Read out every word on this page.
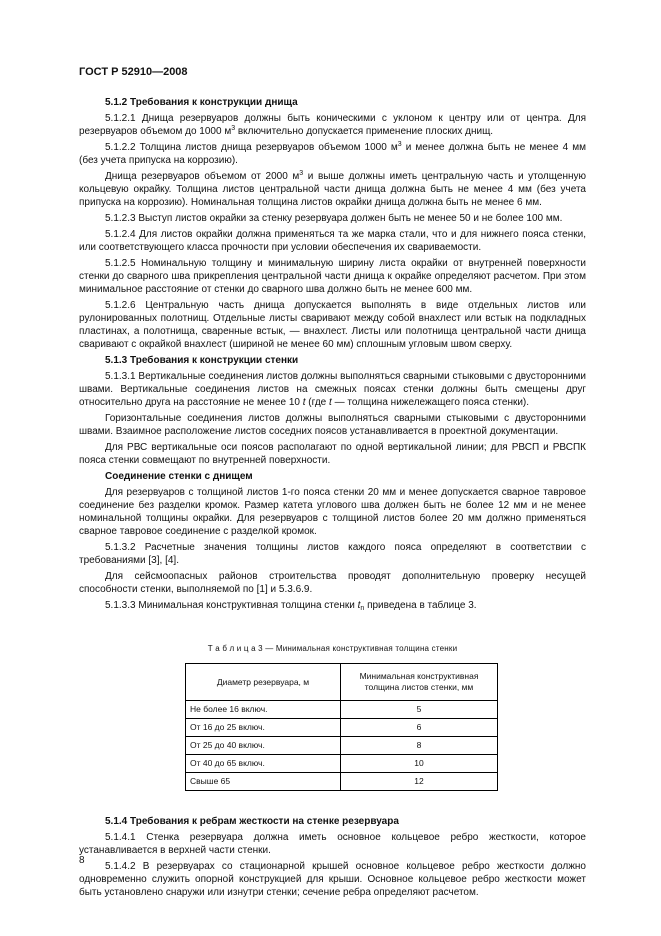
ГОСТ Р 52910—2008

5.1.2 Требования к конструкции днища

5.1.2.1 Днища резервуаров должны быть коническими с уклоном к центру или от центра. Для резервуаров объемом до 1000 $м^3$ включительно допускается применение плоских днищ.

5.1.2.2 Толщина листов днища резервуаров объемом 1000 $м^3$ и менее должна быть не менее 4 мм (без учета припуска на коррозию).

Днища резервуаров объемом от 2000 $м^3$ и выше должны иметь центральную часть и утолщенную кольцевую окрайку. Толщина листов центральной части днища должна быть не менее 4 мм (без учета припуска на коррозию). Номинальная толщина листов окрайки днища должна быть не менее 6 мм.

5.1.2.3 Выступ листов окрайки за стенку резервуара должен быть не менее 50 и не более 100 мм.

5.1.2.4 Для листов окрайки должна применяться та же марка стали, что и для нижнего пояса стенки, или соответствующего класса прочности при условии обеспечения их свариваемости.

5.1.2.5 Номинальную толщину и минимальную ширину листа окрайки от внутренней поверхности стенки до сварного шва прикрепления центральной части днища к окрайке определяют расчетом. При этом минимальное расстояние от стенки до сварного шва должно быть не менее 600 мм.

5.1.2.6 Центральную часть днища допускается выполнять в виде отдельных листов или рулонированных полотнищ. Отдельные листы сваривают между собой внахлест или встык на подкладных пластинах, а полотнища, сваренные встык, — внахлест. Листы или полотнища центральной части днища сваривают с окрайкой внахлест (шириной не менее 60 мм) сплошным угловым швом сверху.

5.1.3 Требования к конструкции стенки

5.1.3.1 Вертикальные соединения листов должны выполняться сварными стыковыми с двусторонними швами. Вертикальные соединения листов на смежных поясах стенки должны быть смещены друг относительно друга на расстояние не менее 10 t (где t — толщина нижележащего пояса стенки).

Горизонтальные соединения листов должны выполняться сварными стыковыми с двусторонними швами. Взаимное расположение листов соседних поясов устанавливается в проектной документации.

Для РВС вертикальные оси поясов располагают по одной вертикальной линии; для РВСП и РВСПК пояса стенки совмещают по внутренней поверхности.

Соединение стенки с днищем

Для резервуаров с толщиной листов 1-го пояса стенки 20 мм и менее допускается сварное тавровое соединение без разделки кромок. Размер катета углового шва должен быть не более 12 мм и не менее номинальной толщины окрайки. Для резервуаров с толщиной листов более 20 мм должно применяться сварное тавровое соединение с разделкой кромок.

5.1.3.2 Расчетные значения толщины листов каждого пояса определяют в соответствии с требованиями [3], [4].

Для сейсмоопасных районов строительства проводят дополнительную проверку несущей способности стенки, выполняемой по [1] и 5.3.6.9.

5.1.3.3 Минимальная конструктивная толщина стенки $t_n$ приведена в таблице 3.

Т а б л и ц а 3 — Минимальная конструктивная толщина стенки
Диаметр резервуара, м	Минимальная конструктивная
толщина листов стенки, мм
Не более 16 включ.	5
От 16 до 25 включ.	6
От 25 до 40 включ.	8
От 40 до 65 включ.	10
Свыше 65	12

5.1.4 Требования к ребрам жесткости на стенке резервуара

5.1.4.1 Стенка резервуара должна иметь основное кольцевое ребро жесткости, которое устанавливается в верхней части стенки.

5.1.4.2 В резервуарах со стационарной крышей основное кольцевое ребро жесткости должно одновременно служить опорной конструкцией для крыши. Основное кольцевое ребро жесткости может быть установлено снаружи или изнутри стенки; сечение ребра определяют расчетом.

8
